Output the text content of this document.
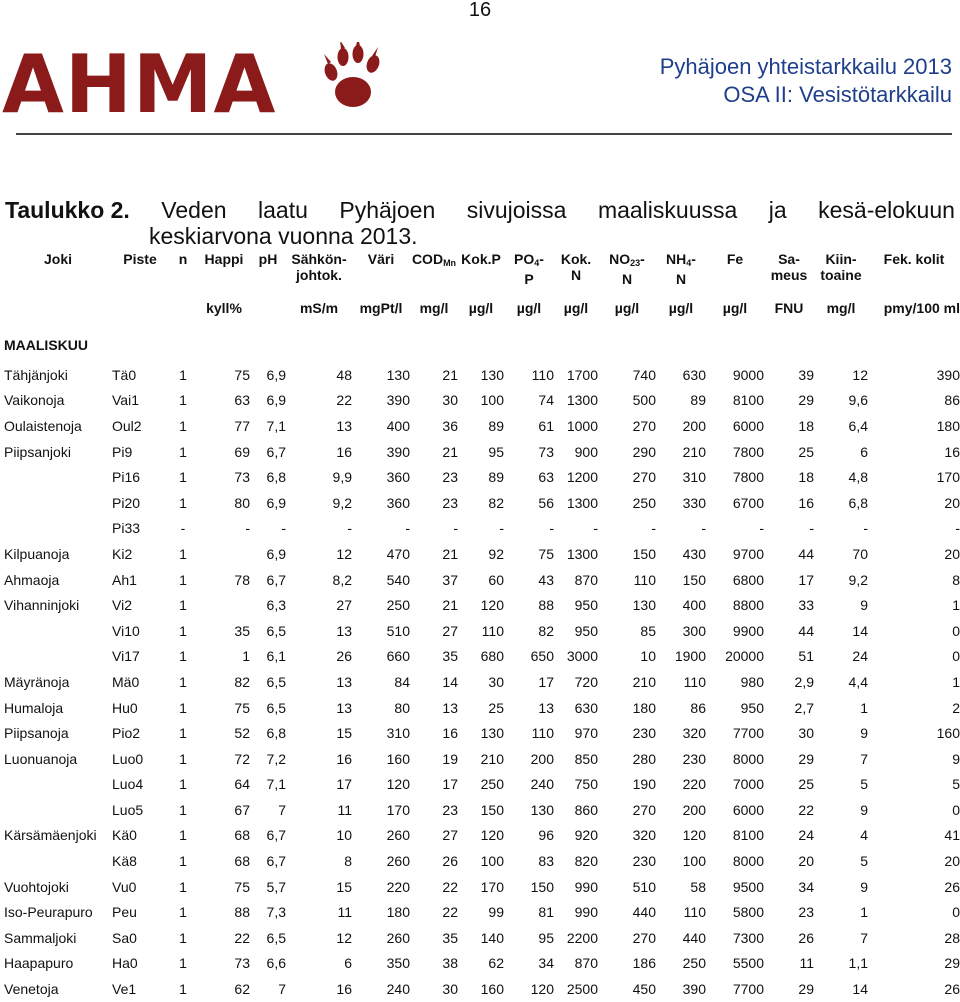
16
AHMA	Pyhäjoen yhteistarkkailu 2013
OSA II: Vesistötarkkailu
Taulukko 2. Veden laatu Pyhäjoen sivujoissa maaliskuussa ja kesä-elokuun
keskiarvona vuonna 2013.
Joki	Piste	n	Happi	pH	Sähkön-
johtok.	Väri	$COD_{Mn}$	Kok.P	$PO_4-$
P	Kok.
N	$NO_{23}-$
N	$NH_4-$
N	Fe	Sa-
meus	Kiin-
toaine	Fek. kolit
			kyll%		mS/m	mgPt/l	mg/l	µg/l	µg/l	µg/l	µg/l	µg/l	µg/l	FNU	mg/l	pmy/100 ml
MAALISKUU																
Tähjänjoki	Tä0	1	75	6,9	48	130	21	130	110	1700	740	630	9000	39	12	390
Vaikonoja	Vai1	1	63	6,9	22	390	30	100	74	1300	500	89	8100	29	9,6	86
Oulaistenoja	Oul2	1	77	7,1	13	400	36	89	61	1000	270	200	6000	18	6,4	180
Piipsanjoki	Pi9	1	69	6,7	16	390	21	95	73	900	290	210	7800	25	6	16
	Pi16	1	73	6,8	9,9	360	23	89	63	1200	270	310	7800	18	4,8	170
	Pi20	1	80	6,9	9,2	360	23	82	56	1300	250	330	6700	16	6,8	20
	Pi33	-	-	-	-	-	-	-	-	-	-	-	-	-	-	-
Kilpuanoja	Ki2	1		6,9	12	470	21	92	75	1300	150	430	9700	44	70	20
Ahmaoja	Ah1	1	78	6,7	8,2	540	37	60	43	870	110	150	6800	17	9,2	8
Vihanninjoki	Vi2	1		6,3	27	250	21	120	88	950	130	400	8800	33	9	1
	Vi10	1	35	6,5	13	510	27	110	82	950	85	300	9900	44	14	0
	Vi17	1	1	6,1	26	660	35	680	650	3000	10	1900	20000	51	24	0
Mäyränoja	Mä0	1	82	6,5	13	84	14	30	17	720	210	110	980	2,9	4,4	1
Humaloja	Hu0	1	75	6,5	13	80	13	25	13	630	180	86	950	2,7	1	2
Piipsanoja	Pio2	1	52	6,8	15	310	16	130	110	970	230	320	7700	30	9	160
Luonuanoja	Luo0	1	72	7,2	16	160	19	210	200	850	280	230	8000	29	7	9
	Luo4	1	64	7,1	17	120	17	250	240	750	190	220	7000	25	5	5
	Luo5	1	67	7	11	170	23	150	130	860	270	200	6000	22	9	0
Kärsämäenjoki	Kä0	1	68	6,7	10	260	27	120	96	920	320	120	8100	24	4	41
	Kä8	1	68	6,7	8	260	26	100	83	820	230	100	8000	20	5	20
Vuohtojoki	Vu0	1	75	5,7	15	220	22	170	150	990	510	58	9500	34	9	26
Iso-Peurapuro	Peu	1	88	7,3	11	180	22	99	81	990	440	110	5800	23	1	0
Sammaljoki	Sa0	1	22	6,5	12	260	35	140	95	2200	270	440	7300	26	7	28
Haapapuro	Ha0	1	73	6,6	6	350	38	62	34	870	186	250	5500	11	1,1	29
Venetoja	Ve1	1	62	7	16	240	30	160	120	2500	450	390	7700	29	14	26
